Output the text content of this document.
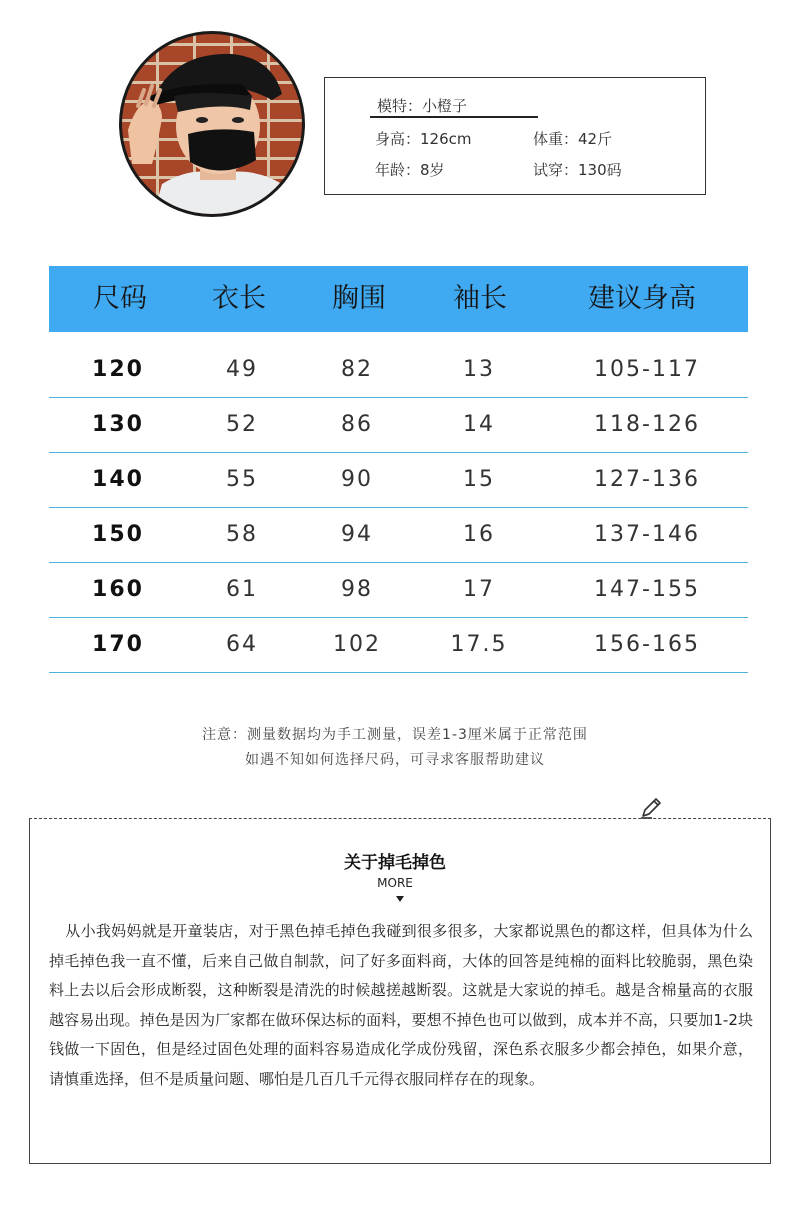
模特：小橙子
身高：126cm	体重：42斤
年龄：8岁	试穿：130码
尺码 衣长 胸围 袖长	建议身高
120	49	82	13	105-117
130	52	86	14	118-126
140	55	90	15	127-136
150	58	94	16	137-146
160	61	98	17	147-155
170	64	102	17.5	156-165
注意：测量数据均为手工测量，误差1-3厘米属于正常范围
如遇不知如何选择尺码，可寻求客服帮助建议
关于掉毛掉色
MORE
从小我妈妈就是开童装店，对于黑色掉毛掉色我碰到很多很多，大家都说黑色的都这样，但具体为什么掉毛掉色我一直不懂，后来自己做自制款，问了好多面料商，大体的回答是纯棉的面料比较脆弱，黑色染料上去以后会形成断裂，这种断裂是清洗的时候越搓越断裂。这就是大家说的掉毛。越是含棉量高的衣服越容易出现。掉色是因为厂家都在做环保达标的面料，要想不掉色也可以做到，成本并不高，只要加1-2块钱做一下固色，但是经过固色处理的面料容易造成化学成份残留，深色系衣服多少都会掉色，如果介意，请慎重选择，但不是质量问题、哪怕是几百几千元得衣服同样存在的现象。
